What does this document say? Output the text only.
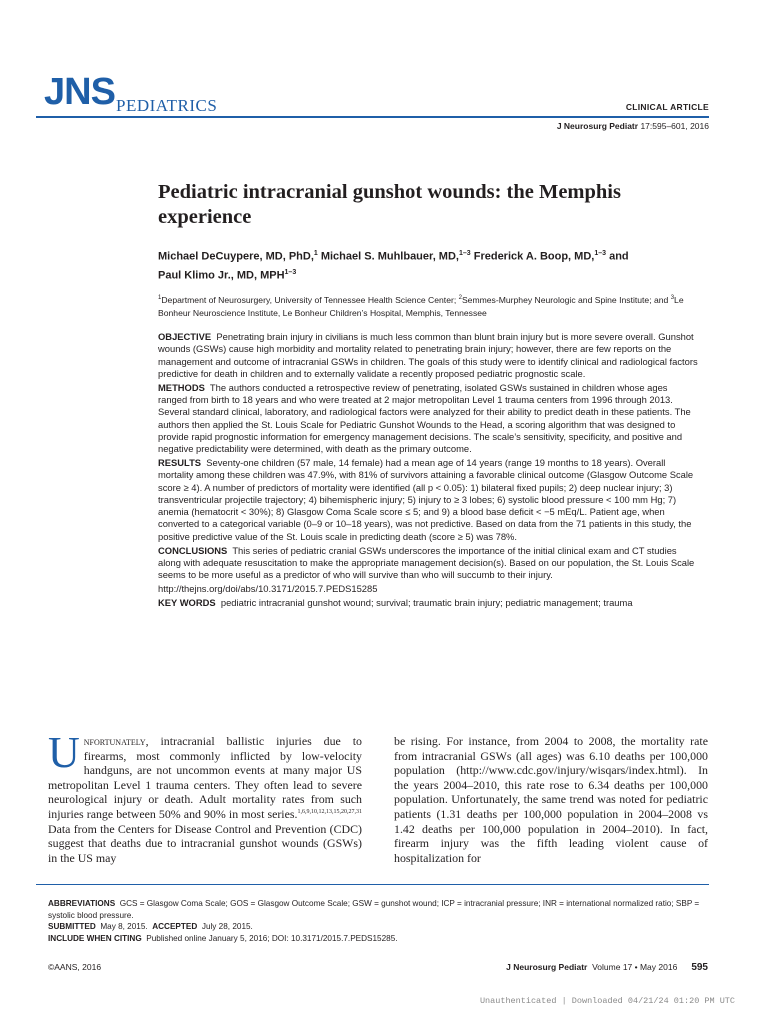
JNS PEDIATRICS	CLINICAL ARTICLE
J Neurosurg Pediatr 17:595–601, 2016
Pediatric intracranial gunshot wounds: the Memphis experience
Michael DeCuypere, MD, PhD,$^1$ Michael S. Muhlbauer, MD,$^{1-3}$ Frederick A. Boop, MD,$^{1-3}$ and
Paul Klimo Jr., MD, MPH$^{1-3}$
$^1$Department of Neurosurgery, University of Tennessee Health Science Center; $^2$Semmes-Murphey Neurologic and Spine Institute; and $^3$Le Bonheur Neuroscience Institute, Le Bonheur Children’s Hospital, Memphis, Tennessee

OBJECTIVE Penetrating brain injury in civilians is much less common than blunt brain injury but is more severe overall. Gunshot wounds (GSWs) cause high morbidity and mortality related to penetrating brain injury; however, there are few reports on the management and outcome of intracranial GSWs in children. The goals of this study were to identify clinical and radiological factors predictive for death in children and to externally validate a recently proposed pediatric prognostic scale.

METHODS The authors conducted a retrospective review of penetrating, isolated GSWs sustained in children whose ages ranged from birth to 18 years and who were treated at 2 major metropolitan Level 1 trauma centers from 1996 through 2013. Several standard clinical, laboratory, and radiological factors were analyzed for their ability to predict death in these patients. The authors then applied the St. Louis Scale for Pediatric Gunshot Wounds to the Head, a scoring algorithm that was designed to provide rapid prognostic information for emergency management decisions. The scale’s sensitivity, specificity, and positive and negative predictability were determined, with death as the primary outcome.

RESULTS Seventy-one children (57 male, 14 female) had a mean age of 14 years (range 19 months to 18 years). Overall mortality among these children was 47.9%, with 81% of survivors attaining a favorable clinical outcome (Glasgow Outcome Scale score ≥ 4). A number of predictors of mortality were identified (all p < 0.05): 1) bilateral fixed pupils; 2) deep nuclear injury; 3) transventricular projectile trajectory; 4) bihemispheric injury; 5) injury to ≥ 3 lobes; 6) systolic blood pressure < 100 mm Hg; 7) anemia (hematocrit < 30%); 8) Glasgow Coma Scale score ≤ 5; and 9) a blood base deficit < −5 mEq/L. Patient age, when converted to a categorical variable (0–9 or 10–18 years), was not predictive. Based on data from the 71 patients in this study, the positive predictive value of the St. Louis scale in predicting death (score ≥ 5) was 78%.

CONCLUSIONS This series of pediatric cranial GSWs underscores the importance of the initial clinical exam and CT studies along with adequate resuscitation to make the appropriate management decision(s). Based on our population, the St. Louis Scale seems to be more useful as a predictor of who will survive than who will succumb to their injury.

http://thejns.org/doi/abs/10.3171/2015.7.PEDS15285

KEY WORDS pediatric intracranial gunshot wound; survival; traumatic brain injury; pediatric management; trauma

Unfortunately, intracranial ballistic injuries due to firearms, most commonly inflicted by low-velocity handguns, are not uncommon events at many major US metropolitan Level 1 trauma centers. They often lead to severe neurological injury or death. Adult mortality rates from such injuries range between 50% and 90% in most series.$^{1,6,9,10,12,13,15,20,27,31}$ Data from the Centers for Disease Control and Prevention (CDC) suggest that deaths due to intracranial gunshot wounds (GSWs) in the US may
be rising. For instance, from 2004 to 2008, the mortality rate from intracranial GSWs (all ages) was 6.10 deaths per 100,000 population (http://www.cdc.gov/injury/wisqars/index.html). In the years 2004–2010, this rate rose to 6.34 deaths per 100,000 population. Unfortunately, the same trend was noted for pediatric patients (1.31 deaths per 100,000 population in 2004–2008 vs 1.42 deaths per 100,000 population in 2004–2010). In fact, firearm injury was the fifth leading violent cause of hospitalization for
ABBREVIATIONS GCS = Glasgow Coma Scale; GOS = Glasgow Outcome Scale; GSW = gunshot wound; ICP = intracranial pressure; INR = international normalized ratio; SBP = systolic blood pressure.
SUBMITTED May 8, 2015. ACCEPTED July 28, 2015.
INCLUDE WHEN CITING Published online January 5, 2016; DOI: 10.3171/2015.7.PEDS15285.
©AANS, 2016	J Neurosurg Pediatr Volume 17 • May 2016 595
Unauthenticated | Downloaded 04/21/24 01:20 PM UTC
